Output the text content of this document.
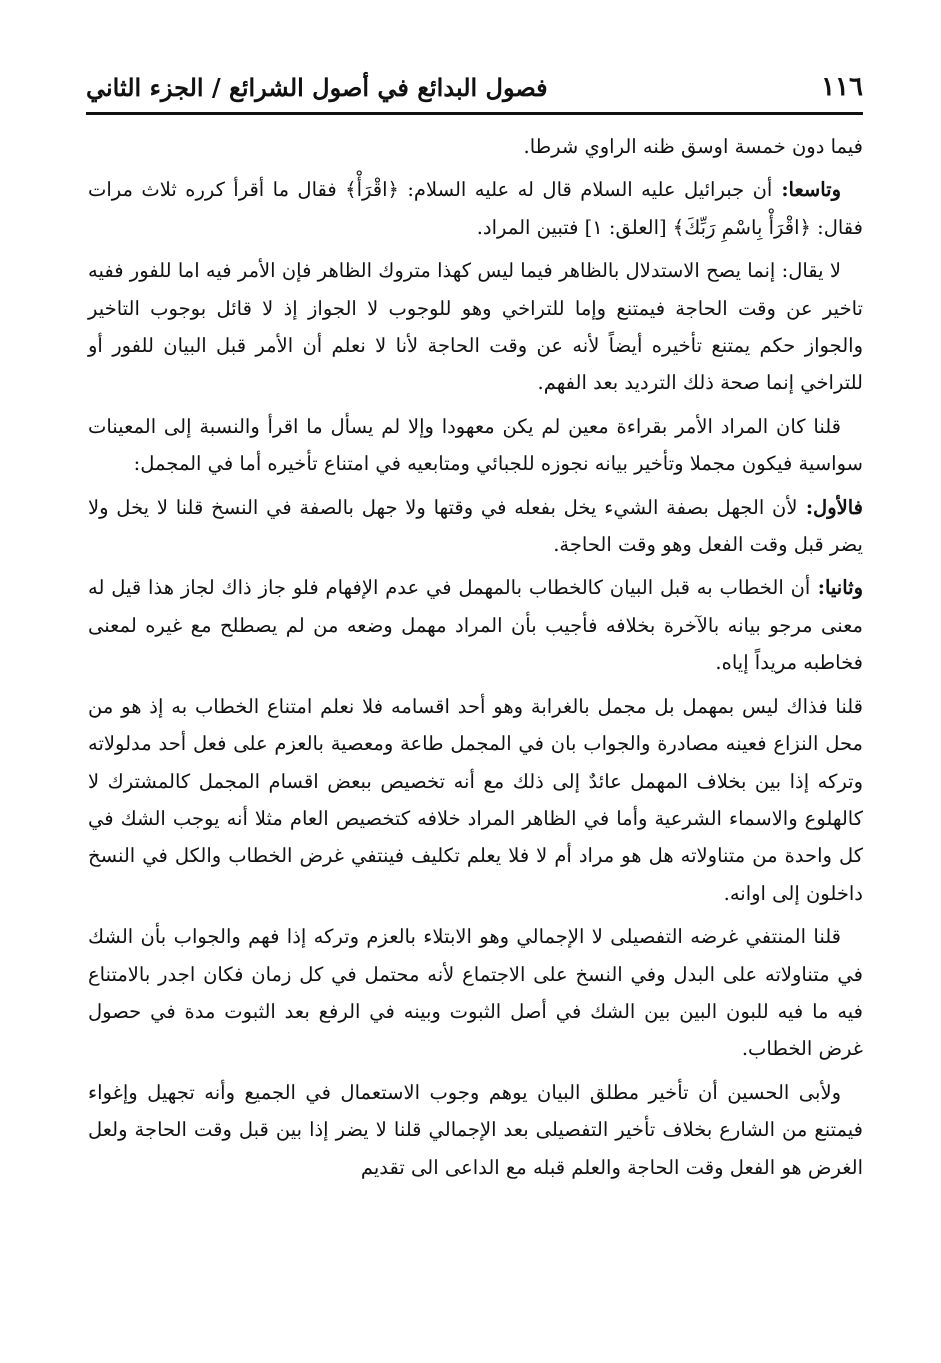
١١٦
فصول البدائع في أصول الشرائع / الجزء الثاني

فيما دون خمسة اوسق ظنه الراوي شرطا.

وتاسعا: أن جبرائيل عليه السلام قال له عليه السلام: ﴿اقْرَأْ﴾ فقال ما أقرأ كرره ثلاث مرات فقال: ﴿اقْرَأْ بِاسْمِ رَبِّكَ﴾ [العلق: ١] فتبين المراد.

لا يقال: إنما يصح الاستدلال بالظاهر فيما ليس كهذا متروك الظاهر فإن الأمر فيه اما للفور ففيه تاخير عن وقت الحاجة فيمتنع وإما للتراخي وهو للوجوب لا الجواز إذ لا قائل بوجوب التاخير والجواز حكم يمتنع تأخيره أيضاً لأنه عن وقت الحاجة لأنا لا نعلم أن الأمر قبل البيان للفور أو للتراخي إنما صحة ذلك الترديد بعد الفهم.

قلنا كان المراد الأمر بقراءة معين لم يكن معهودا وإلا لم يسأل ما اقرأ والنسبة إلى المعينات سواسية فيكون مجملا وتأخير بيانه نجوزه للجبائي ومتابعيه في امتناع تأخيره أما في المجمل:

فالأول: لأن الجهل بصفة الشيء يخل بفعله في وقتها ولا جهل بالصفة في النسخ قلنا لا يخل ولا يضر قبل وقت الفعل وهو وقت الحاجة.

وثانيا: أن الخطاب به قبل البيان كالخطاب بالمهمل في عدم الإفهام فلو جاز ذاك لجاز هذا قيل له معنى مرجو بيانه بالآخرة بخلافه فأجيب بأن المراد مهمل وضعه من لم يصطلح مع غيره لمعنى فخاطبه مريداً إياه.

قلنا فذاك ليس بمهمل بل مجمل بالغرابة وهو أحد اقسامه فلا نعلم امتناع الخطاب به إذ هو من محل النزاع فعينه مصادرة والجواب بان في المجمل طاعة ومعصية بالعزم على فعل أحد مدلولاته وتركه إذا بين بخلاف المهمل عائدٌ إلى ذلك مع أنه تخصيص ببعض اقسام المجمل كالمشترك لا كالهلوع والاسماء الشرعية وأما في الظاهر المراد خلافه كتخصيص العام مثلا أنه يوجب الشك في كل واحدة من متناولاته هل هو مراد أم لا فلا يعلم تكليف فينتفي غرض الخطاب والكل في النسخ داخلون إلى اوانه.

قلنا المنتفي غرضه التفصيلى لا الإجمالي وهو الابتلاء بالعزم وتركه إذا فهم والجواب بأن الشك في متناولاته على البدل وفي النسخ على الاجتماع لأنه محتمل في كل زمان فكان اجدر بالامتناع فيه ما فيه للبون البين بين الشك في أصل الثبوت وبينه في الرفع بعد الثبوت مدة في حصول غرض الخطاب.

ولأبى الحسين أن تأخير مطلق البيان يوهم وجوب الاستعمال في الجميع وأنه تجهيل وإغواء فيمتنع من الشارع بخلاف تأخير التفصيلى بعد الإجمالي قلنا لا يضر إذا بين قبل وقت الحاجة ولعل الغرض هو الفعل وقت الحاجة والعلم قبله مع الداعى الى تقديم
